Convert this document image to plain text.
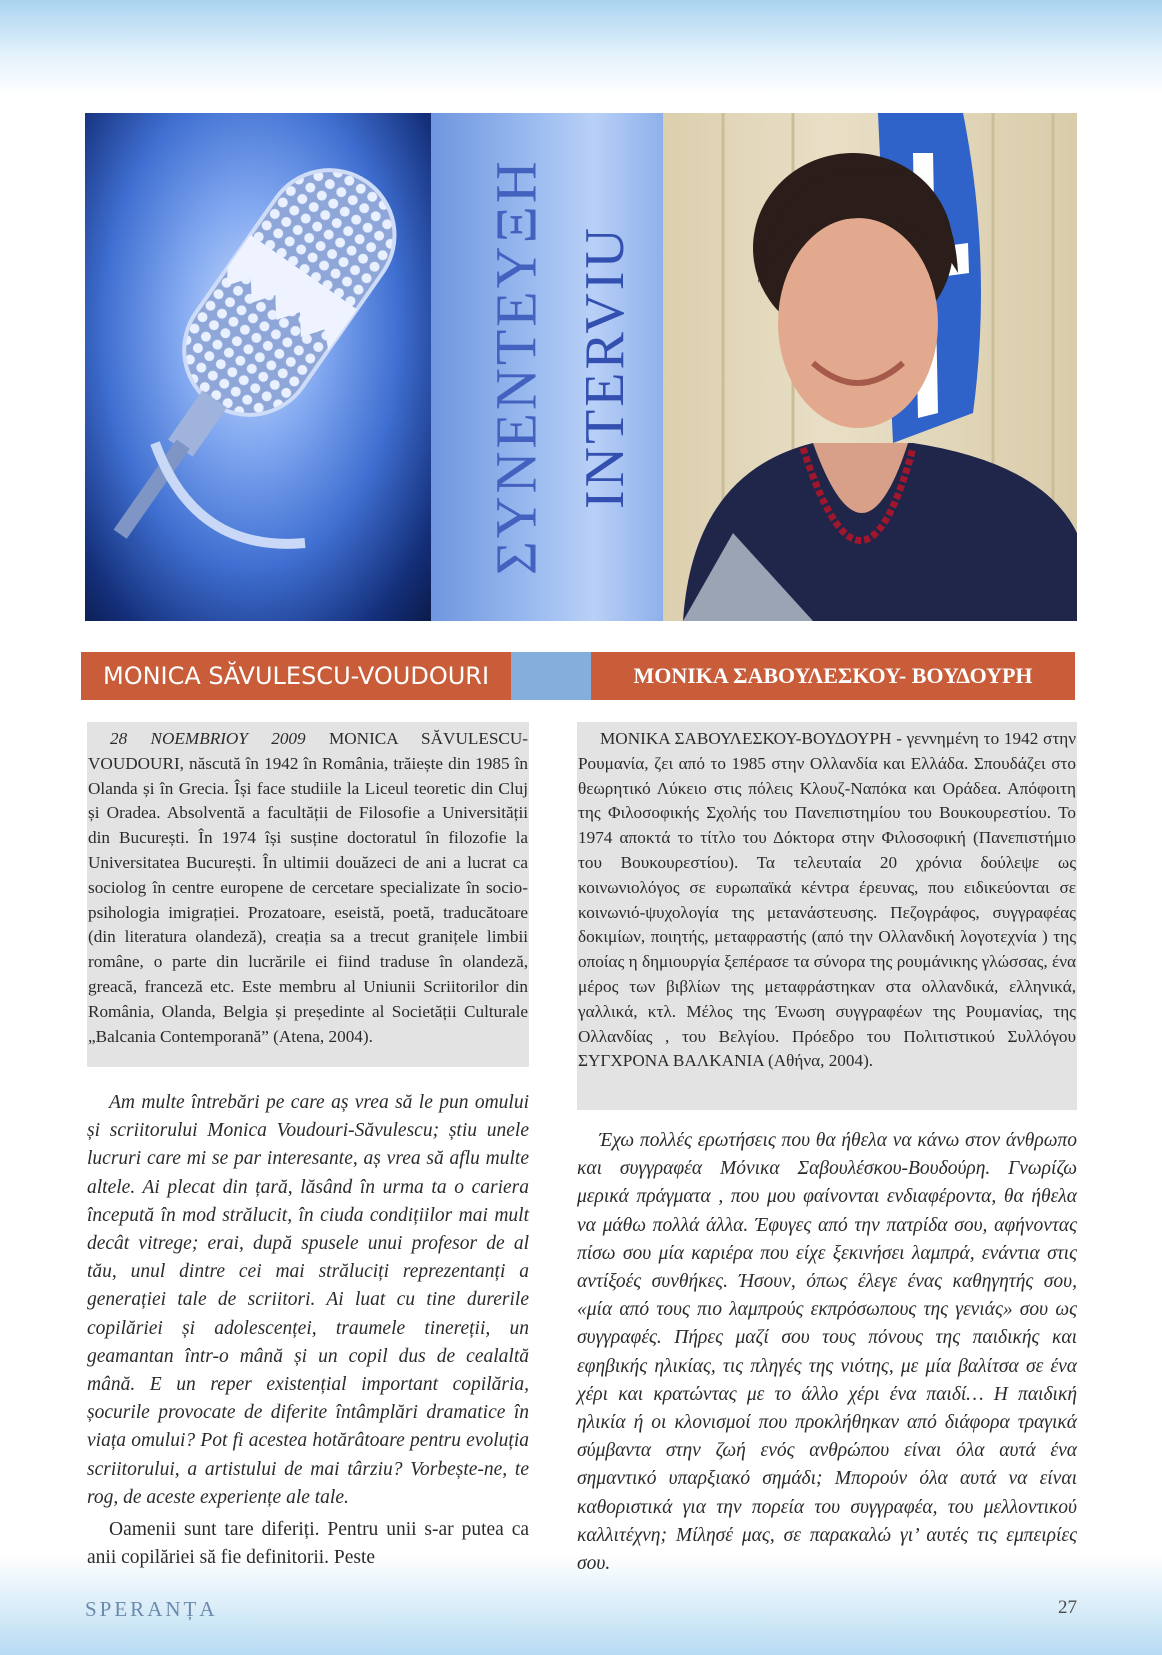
ΣΥΝΕΝΤΕΥΞΗ INTERVIU
MONICA SĂVULESCU-VOUDOURI	ΜΟΝΙΚΑ ΣΑΒΟΥΛΕΣΚΟΥ- ΒΟΥΔΟΥΡΗ

28 NOEMBRIOY 2009 MONICA SĂVULESCU-VOUDOURI, născută în 1942 în România, trăiește din 1985 în Olanda și în Grecia. Își face studiile la Liceul teoretic din Cluj și Oradea. Absolventă a facultății de Filosofie a Universității din București. În 1974 își susține doctoratul în filozofie la Universitatea București. În ultimii douăzeci de ani a lucrat ca sociolog în centre europene de cercetare specializate în socio-psihologia imigrației. Prozatoare, eseistă, poetă, traducătoare (din literatura olandeză), creația sa a trecut granițele limbii române, o parte din lucrările ei fiind traduse în olandeză, greacă, franceză etc. Este membru al Uniunii Scriitorilor din România, Olanda, Belgia și președinte al Societății Culturale „Balcania Contemporană” (Atena, 2004).

ΜΟΝΙΚΑ ΣΑΒΟΥΛΕΣΚΟΥ-ΒΟΥΔΟΥΡΗ - γεννημένη το 1942 στην Ρουμανία, ζει από το 1985 στην Ολλανδία και Ελλάδα. Σπουδάζει στο θεωρητικό Λύκειο στις πόλεις Κλουζ-Ναπόκα και Οράδεα. Απόφοιτη της Φιλοσοφικής Σχολής του Πανεπιστημίου του Βουκουρεστίου. Το 1974 αποκτά το τίτλο του Δόκτορα στην Φιλοσοφική (Πανεπιστήμιο του Βουκουρεστίου). Τα τελευταία 20 χρόνια δούλεψε ως κοινωνιολόγος σε ευρωπαϊκά κέντρα έρευνας, που ειδικεύονται σε κοινωνιό-ψυχολογία της μετανάστευσης. Πεζογράφος, συγγραφέας δοκιμίων, ποιητής, μεταφραστής (από την Ολλανδική λογοτεχνία ) της οποίας η δημιουργία ξεπέρασε τα σύνορα της ρουμάνικης γλώσσας, ένα μέρος των βιβλίων της μεταφράστηκαν στα ολλανδικά, ελληνικά, γαλλικά, κτλ. Μέλος της Ένωση συγγραφέων της Ρουμανίας, της Ολλανδίας , του Βελγίου. Πρόεδρο του Πολιτιστικού Συλλόγου ΣΥΓΧΡΟΝΑ ΒΑΛΚΑΝΙΑ (Αθήνα, 2004).

Am multe întrebări pe care aș vrea să le pun omului și scriitorului Monica Voudouri-Săvulescu; știu unele lucruri care mi se par interesante, aș vrea să aflu multe altele. Ai plecat din țară, lăsând în urma ta o cariera începută în mod strălucit, în ciuda condițiilor mai mult decât vitrege; erai, după spusele unui profesor de al tău, unul dintre cei mai străluciți reprezentanți a generației tale de scriitori. Ai luat cu tine durerile copilăriei și adolescenței, traumele tinereții, un geamantan într-o mână și un copil dus de cealaltă mână. E un reper existențial important copilăria, șocurile provocate de diferite întâmplări dramatice în viața omului? Pot fi acestea hotărâtoare pentru evoluția scriitorului, a artistului de mai târziu? Vorbește-ne, te rog, de aceste experiențe ale tale.

Oamenii sunt tare diferiți. Pentru unii s-ar putea ca anii copilăriei să fie definitorii. Peste

Έχω πολλές ερωτήσεις που θα ήθελα να κάνω στον άνθρωπο και συγγραφέα Μόνικα Σαβουλέσκου-Βουδούρη. Γνωρίζω μερικά πράγματα , που μου φαίνονται ενδιαφέροντα, θα ήθελα να μάθω πολλά άλλα. Έφυγες από την πατρίδα σου, αφήνοντας πίσω σου μία καριέρα που είχε ξεκινήσει λαμπρά, ενάντια στις αντίξοές συνθήκες. Ήσουν, όπως έλεγε ένας καθηγητής σου, «μία από τους πιο λαμπρούς εκπρόσωπους της γενιάς» σου ως συγγραφές. Πήρες μαζί σου τους πόνους της παιδικής και εφηβικής ηλικίας, τις πληγές της νιότης, με μία βαλίτσα σε ένα χέρι και κρατώντας με το άλλο χέρι ένα παιδί… Η παιδική ηλικία ή οι κλονισμοί που προκλήθηκαν από διάφορα τραγικά σύμβαντα στην ζωή ενός ανθρώπου είναι όλα αυτά ένα σημαντικό υπαρξιακό σημάδι; Μπορούν όλα αυτά να είναι καθοριστικά για την πορεία του συγγραφέα, του μελλοντικού καλλιτέχνη; Μίλησέ μας, σε παρακαλώ γι’ αυτές τις εμπειρίες σου.

SPERANȚA	27
